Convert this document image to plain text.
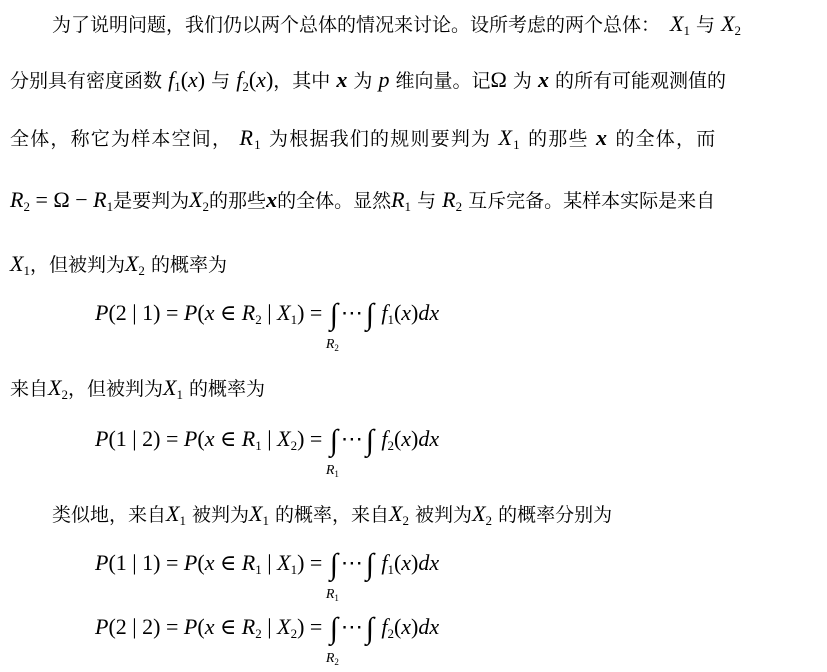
为了说明问题，我们仍以两个总体的情况来讨论。设所考虑的两个总体： $X_1$ 与 $X_2$
分别具有密度函数 $f_1(x)$ 与 $f_2(x)$，其中 x 为 p 维向量。记Ω 为 x 的所有可能观测值的
全体，称它为样本空间， $R_1$ 为根据我们的规则要判为 $X_1$ 的那些 x 的全体，而
$R_2 = \Omega - R_1$是要判为$X_2$的那些x的全体。显然$R_1$ 与 $R_2$ 互斥完备。某样本实际是来自
$X_1$，但被判为$X_2$ 的概率为
P(2 | 1) = P(x ∈ $R_2$ | $X_1$) = ∫
$R_2$
⋯∫ $f_1(x)dx$
来自$X_2$，但被判为$X_1$ 的概率为
P(1 | 2) = P(x ∈ $R_1$ | $X_2$) = ∫
$R_1$
⋯∫ $f_2(x)dx$
类似地，来自$X_1$ 被判为$X_1$ 的概率，来自$X_2$ 被判为$X_2$ 的概率分别为
P(1 | 1) = P(x ∈ $R_1$ | $X_1$) = ∫
$R_1$
⋯∫ $f_1(x)dx$
P(2 | 2) = P(x ∈ $R_2$ | $X_2$) = ∫
$R_2$
⋯∫ $f_2(x)dx$
